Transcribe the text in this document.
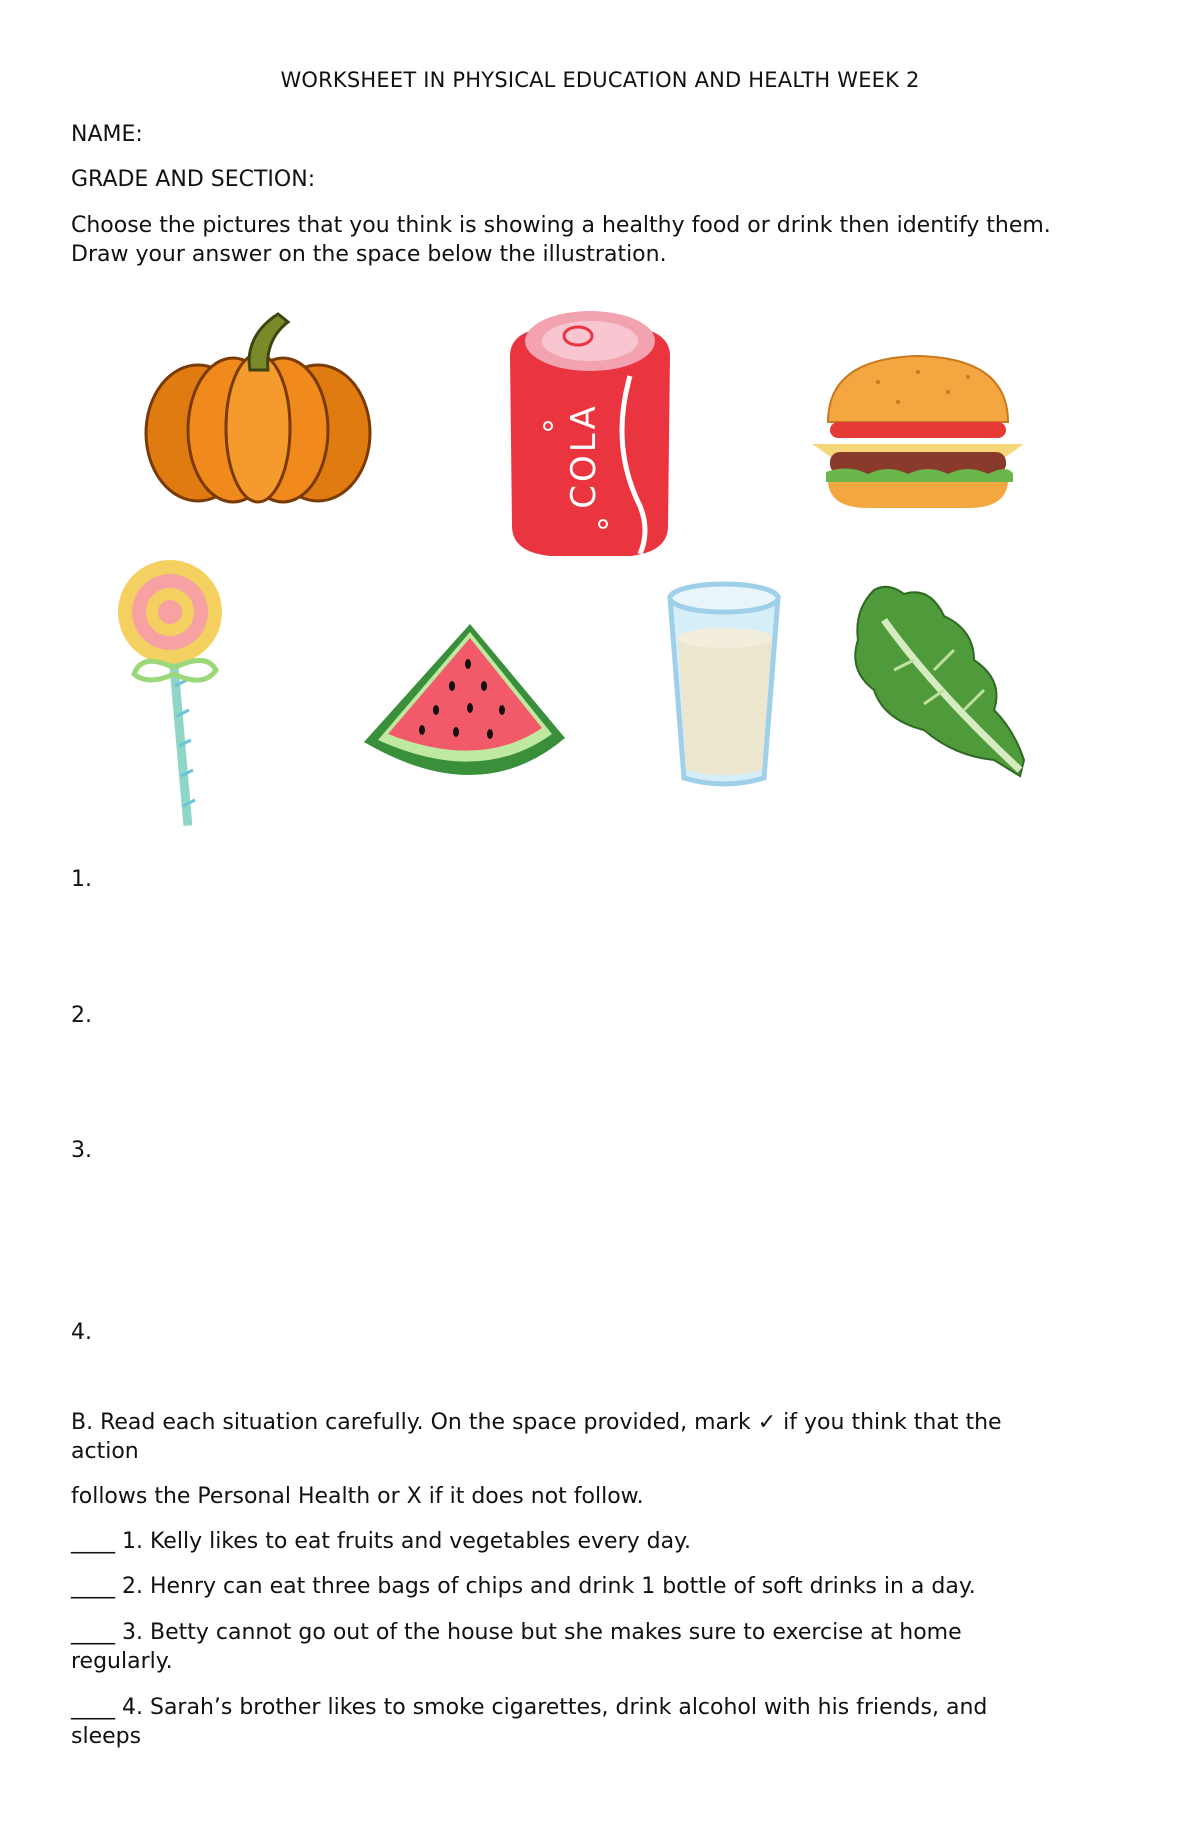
WORKSHEET IN PHYSICAL EDUCATION AND HEALTH WEEK 2
NAME:
GRADE AND SECTION:
Choose the pictures that you think is showing a healthy food or drink then identify them.
Draw your answer on the space below the illustration.
COLA
1.
2.
3.
4.
B. Read each situation carefully. On the space provided, mark ✓ if you think that the
action
follows the Personal Health or X if it does not follow.
____ 1. Kelly likes to eat fruits and vegetables every day.
____ 2. Henry can eat three bags of chips and drink 1 bottle of soft drinks in a day.
____ 3. Betty cannot go out of the house but she makes sure to exercise at home
regularly.
____ 4. Sarah’s brother likes to smoke cigarettes, drink alcohol with his friends, and
sleeps
